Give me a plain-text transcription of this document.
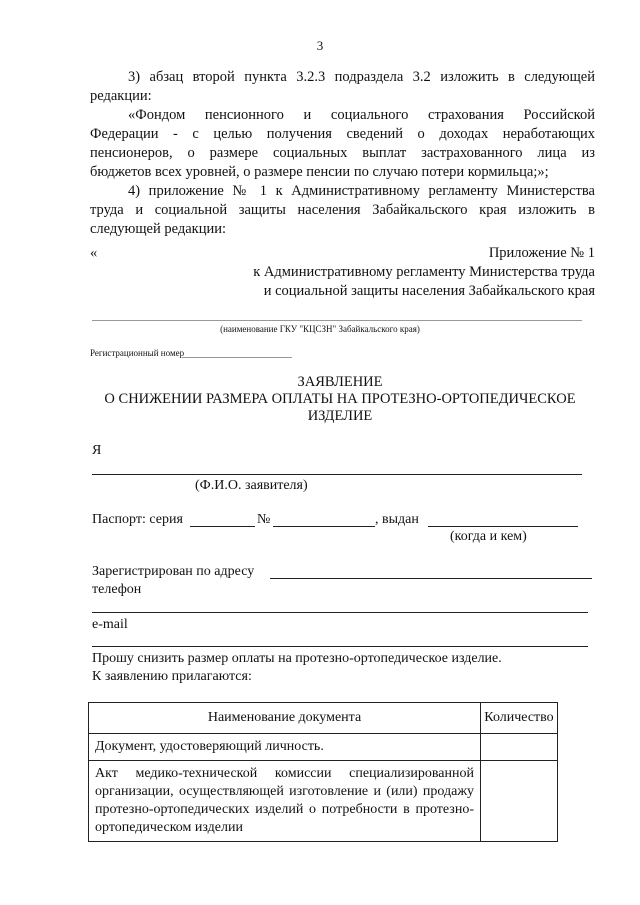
3
3) абзац второй пункта 3.2.3 подраздела 3.2 изложить в следующей
редакции:
«Фондом пенсионного и социального страхования Российской
Федерации - с целью получения сведений о доходах неработающих
пенсионеров, о размере социальных выплат застрахованного лица из
бюджетов всех уровней, о размере пенсии по случаю потери кормильца;»;
4) приложение № 1 к Административному регламенту Министерства
труда и социальной защиты населения Забайкальского края изложить в
следующей редакции:
«	Приложение № 1
к Административному регламенту Министерства труда
и социальной защиты населения Забайкальского края
(наименование ГКУ "КЦСЗН" Забайкальского края)
Регистрационный номер
ЗАЯВЛЕНИЕ
О СНИЖЕНИИ РАЗМЕРА ОПЛАТЫ НА ПРОТЕЗНО-ОРТОПЕДИЧЕСКОЕ
ИЗДЕЛИЕ
Я
(Ф.И.О. заявителя)
Паспорт: серия	№	, выдан
(когда и кем)
Зарегистрирован по адресу
телефон
e-mail
Прошу снизить размер оплаты на протезно-ортопедическое изделие.
К заявлению прилагаются:
Наименование документа	Количество
Документ, удостоверяющий личность.	
Акт медико-технической комиссии специализированной организации, осуществляющей изготовление и (или) продажу протезно-ортопедических изделий о потребности в протезно-ортопедическом изделии	
